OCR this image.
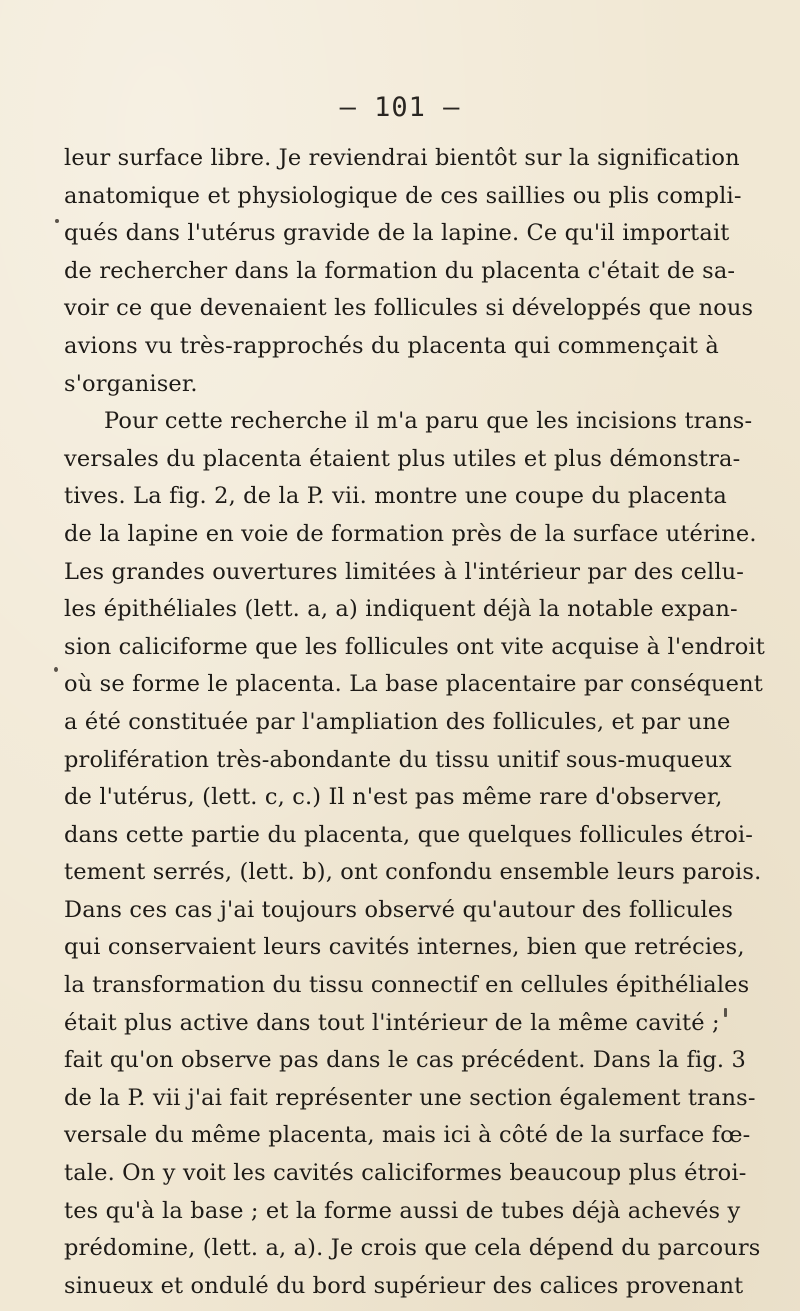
— 101 —
leur surface libre. Je reviendrai bientôt sur la signification
anatomique et physiologique de ces saillies ou plis compli-
qués dans l'utérus gravide de la lapine. Ce qu'il importait
de rechercher dans la formation du placenta c'était de sa-
voir ce que devenaient les follicules si développés que nous
avions vu très-rapprochés du placenta qui commençait à
s'organiser.
Pour cette recherche il m'a paru que les incisions trans-
versales du placenta étaient plus utiles et plus démonstra-
tives. La fig. 2, de la P. vii. montre une coupe du placenta
de la lapine en voie de formation près de la surface utérine.
Les grandes ouvertures limitées à l'intérieur par des cellu-
les épithéliales (lett. a, a) indiquent déjà la notable expan-
sion caliciforme que les follicules ont vite acquise à l'endroit
où se forme le placenta. La base placentaire par conséquent
a été constituée par l'ampliation des follicules, et par une
prolifération très-abondante du tissu unitif sous-muqueux
de l'utérus, (lett. c, c.) Il n'est pas même rare d'observer,
dans cette partie du placenta, que quelques follicules étroi-
tement serrés, (lett. b), ont confondu ensemble leurs parois.
Dans ces cas j'ai toujours observé qu'autour des follicules
qui conservaient leurs cavités internes, bien que retrécies,
la transformation du tissu connectif en cellules épithéliales
était plus active dans tout l'intérieur de la même cavité ;
fait qu'on observe pas dans le cas précédent. Dans la fig. 3
de la P. vii j'ai fait représenter une section également trans-
versale du même placenta, mais ici à côté de la surface fœ-
tale. On y voit les cavités caliciformes beaucoup plus étroi-
tes qu'à la base ; et la forme aussi de tubes déjà achevés y
prédomine, (lett. a, a). Je crois que cela dépend du parcours
sinueux et ondulé du bord supérieur des calices provenant
